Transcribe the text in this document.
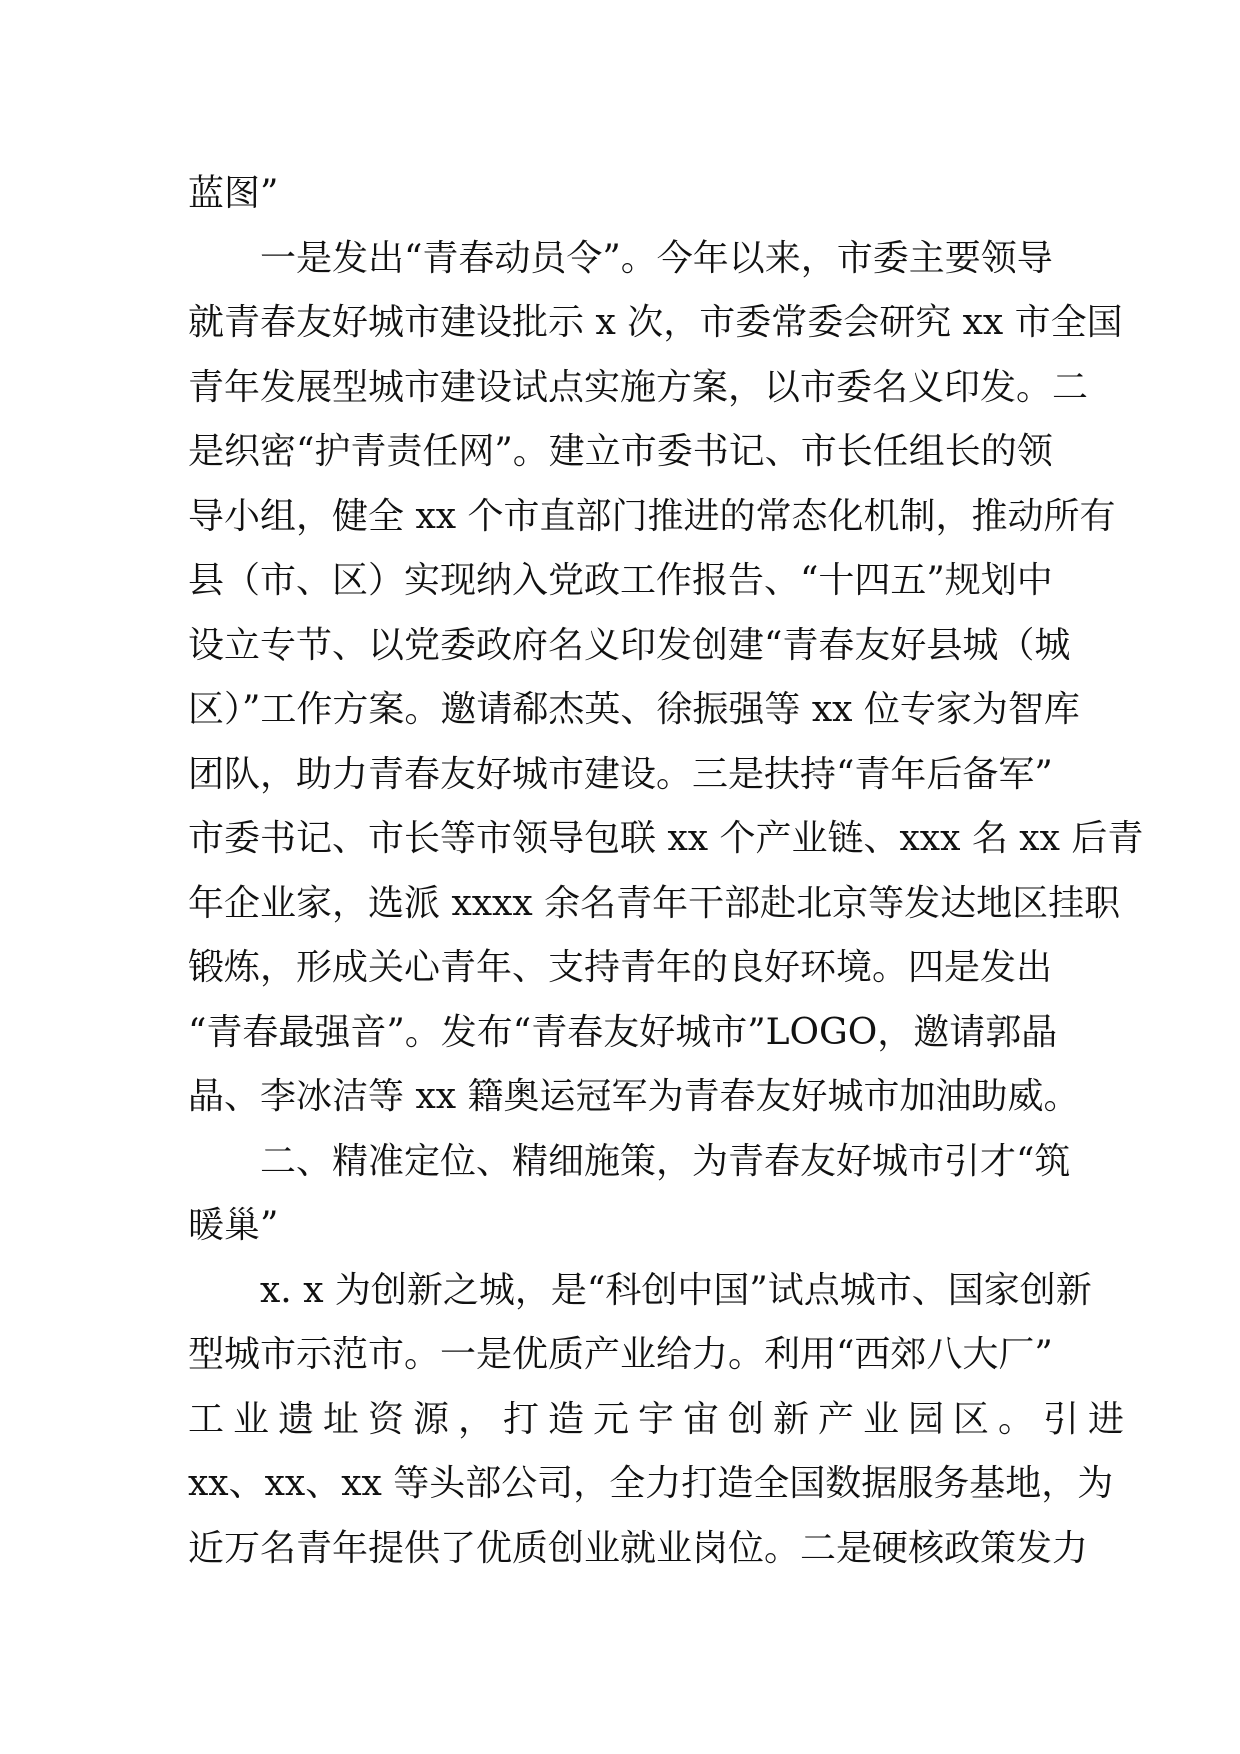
蓝图”
一是发出“青春动员令”。今年以来，市委主要领导
就青春友好城市建设批示 x 次，市委常委会研究 xx 市全国
青年发展型城市建设试点实施方案，以市委名义印发。二
是织密“护青责任网”。建立市委书记、市长任组长的领
导小组，健全 xx 个市直部门推进的常态化机制，推动所有
县（市、区）实现纳入党政工作报告、“十四五”规划中
设立专节、以党委政府名义印发创建“青春友好县城（城
区）”工作方案。邀请郗杰英、徐振强等 xx 位专家为智库
团队，助力青春友好城市建设。三是扶持“青年后备军”
市委书记、市长等市领导包联 xx 个产业链、xxx 名 xx 后青
年企业家，选派 xxxx 余名青年干部赴北京等发达地区挂职
锻炼，形成关心青年、支持青年的良好环境。四是发出
“青春最强音”。发布“青春友好城市”LOGO，邀请郭晶
晶、李冰洁等 xx 籍奥运冠军为青春友好城市加油助威。
二、精准定位、精细施策，为青春友好城市引才“筑
暖巢”
x. x 为创新之城，是“科创中国”试点城市、国家创新
型城市示范市。一是优质产业给力。利用“西郊八大厂”
工业遗址资源，打造元宇宙创新产业园区。引进
xx、xx、xx 等头部公司，全力打造全国数据服务基地，为
近万名青年提供了优质创业就业岗位。二是硬核政策发力
